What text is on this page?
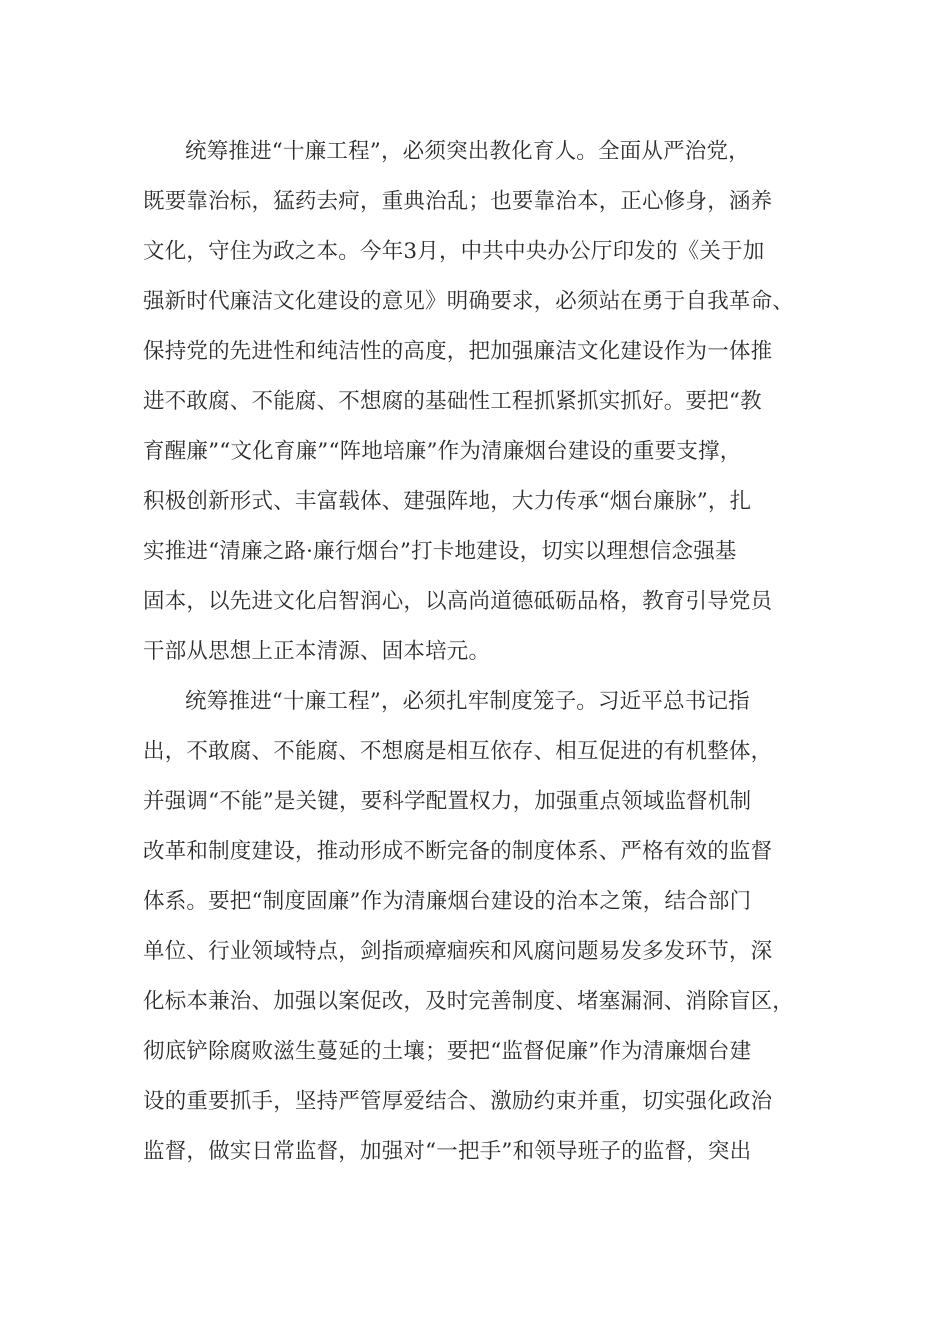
统筹推进“十廉工程”，必须突出教化育人。全面从严治党，
既要靠治标，猛药去疴，重典治乱；也要靠治本，正心修身，涵养
文化，守住为政之本。今年3月，中共中央办公厅印发的《关于加
强新时代廉洁文化建设的意见》明确要求，必须站在勇于自我革命、
保持党的先进性和纯洁性的高度，把加强廉洁文化建设作为一体推
进不敢腐、不能腐、不想腐的基础性工程抓紧抓实抓好。要把“教
育醒廉”“文化育廉”“阵地培廉”作为清廉烟台建设的重要支撑，
积极创新形式、丰富载体、建强阵地，大力传承“烟台廉脉”，扎
实推进“清廉之路·廉行烟台”打卡地建设，切实以理想信念强基
固本，以先进文化启智润心，以高尚道德砥砺品格，教育引导党员
干部从思想上正本清源、固本培元。
统筹推进“十廉工程”，必须扎牢制度笼子。习近平总书记指
出，不敢腐、不能腐、不想腐是相互依存、相互促进的有机整体，
并强调“不能”是关键，要科学配置权力，加强重点领域监督机制
改革和制度建设，推动形成不断完备的制度体系、严格有效的监督
体系。要把“制度固廉”作为清廉烟台建设的治本之策，结合部门
单位、行业领域特点，剑指顽瘴痼疾和风腐问题易发多发环节，深
化标本兼治、加强以案促改，及时完善制度、堵塞漏洞、消除盲区，
彻底铲除腐败滋生蔓延的土壤；要把“监督促廉”作为清廉烟台建
设的重要抓手，坚持严管厚爱结合、激励约束并重，切实强化政治
监督，做实日常监督，加强对“一把手”和领导班子的监督，突出
